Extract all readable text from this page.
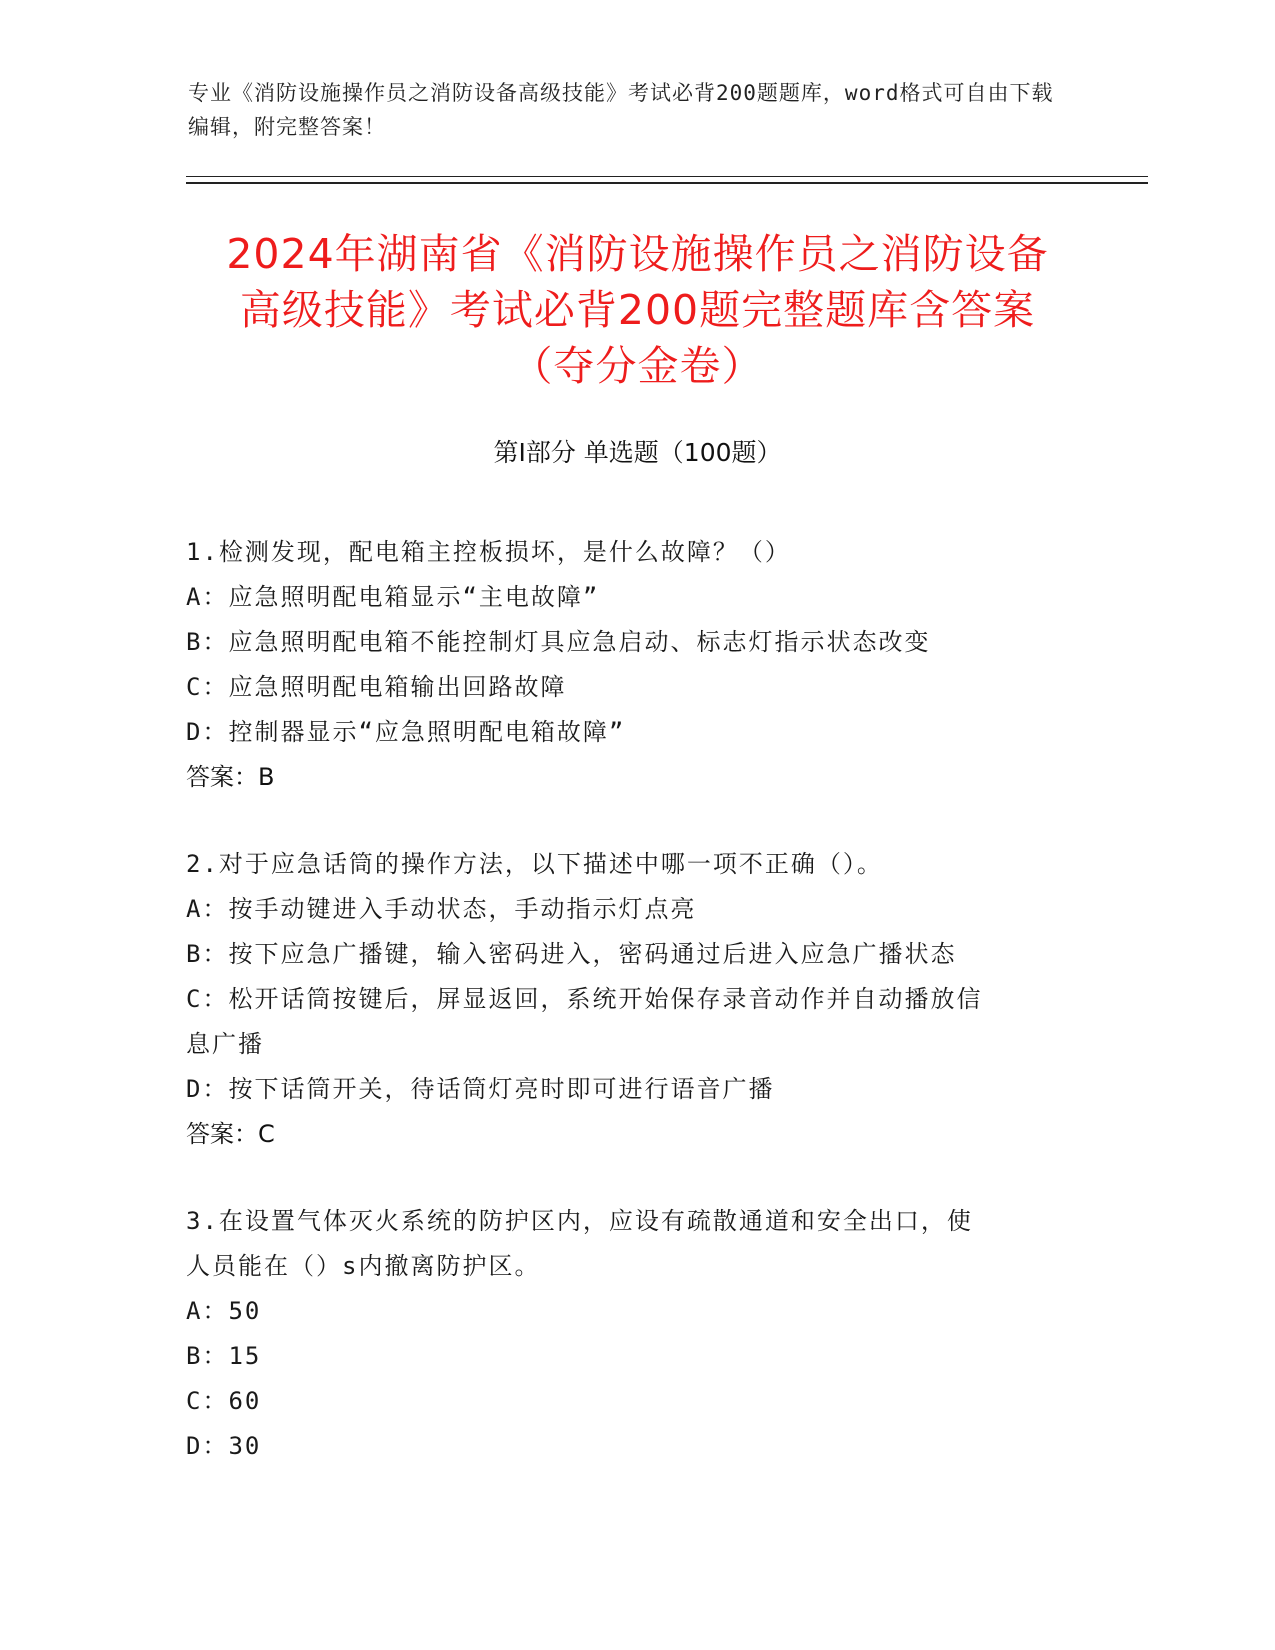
专业《消防设施操作员之消防设备高级技能》考试必背200题题库，word格式可自由下载编辑，附完整答案！
2024年湖南省《消防设施操作员之消防设备
高级技能》考试必背200题完整题库含答案
（夺分金卷）
第I部分 单选题（100题）
1.检测发现，配电箱主控板损坏，是什么故障？（）
A：应急照明配电箱显示“主电故障”
B：应急照明配电箱不能控制灯具应急启动、标志灯指示状态改变
C：应急照明配电箱输出回路故障
D：控制器显示“应急照明配电箱故障”
答案：B
2.对于应急话筒的操作方法，以下描述中哪一项不正确（）。
A：按手动键进入手动状态，手动指示灯点亮
B：按下应急广播键，输入密码进入，密码通过后进入应急广播状态
C：松开话筒按键后，屏显返回，系统开始保存录音动作并自动播放信
息广播
D：按下话筒开关，待话筒灯亮时即可进行语音广播
答案：C
3.在设置气体灭火系统的防护区内，应设有疏散通道和安全出口，使
人员能在（）s内撤离防护区。
A：50
B：15
C：60
D：30
